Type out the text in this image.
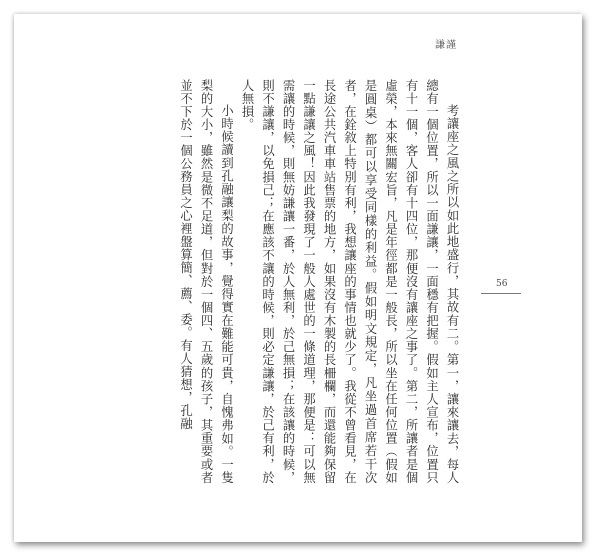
謙謹
56

考讓座之風之所以如此地盛行，其故有二。第一，讓來讓去，每人總有一個位置，所以一面謙讓，一面穩有把握。假如主人宣布，位置只有十一個，客人卻有十四位，那便沒有讓座之事了。第二，所讓者是個虛榮，本來無關宏旨，凡是年徑都是一般長，所以坐在任何位置（假如是圓桌）都可以享受同樣的利益。假如明文規定，凡坐過首席若干次者，在銓敘上特別有利，我想讓座的事情也就少了。我從不曾看見，在長途公共汽車車站售票的地方，如果沒有木製的長柵欄，而還能夠保留一點謙讓之風！因此我發現了一般人處世的一條道理，那便是：可以無需讓的時候，則無妨謙讓一番，於人無利，於己無損；在該讓的時候，則不謙讓，以免損己；在應該不讓的時候，則必定謙讓，於己有利，於人無損。

小時候讀到孔融讓梨的故事，覺得實在難能可貴，自愧弗如。一隻梨的大小，雖然是微不足道，但對於一個四、五歲的孩子，其重要或者並不下於一個公務員之心裡盤算簡、薦、委。有人猜想，孔融
